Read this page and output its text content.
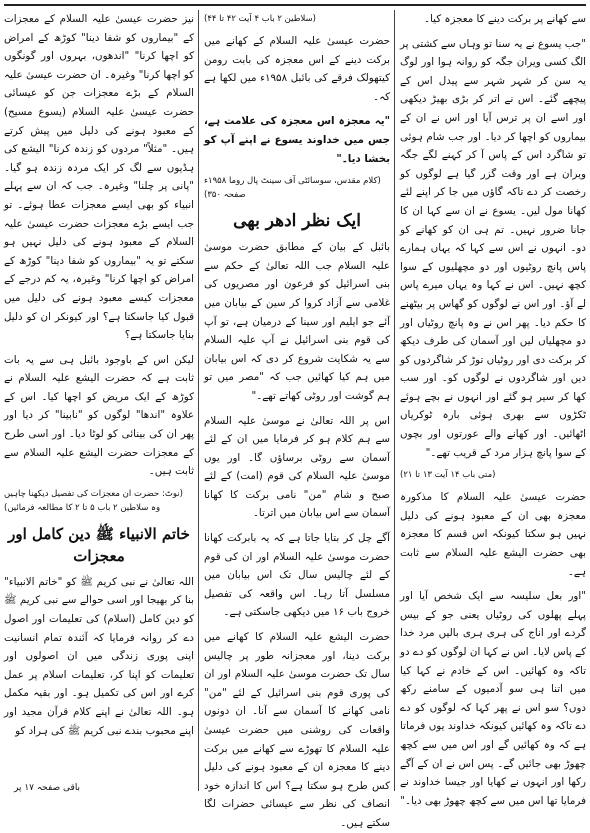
سے کھانے پر برکت دینے کا معجزہ کیا۔

"جب یسوع نے یہ سنا تو وہاں سے کشتی پر الگ کسی ویران جگہ کو روانہ ہوا اور لوگ یہ سن کر شہر شہر سے پیدل اس کے پیچھے گئے۔ اس نے اتر کر بڑی بھیڑ دیکھی اور اسے ان پر ترس آیا اور اس نے ان کے بیماروں کو اچھا کر دیا۔ اور جب شام ہوئی تو شاگرد اس کے پاس آ کر کہنے لگے جگہ ویران ہے اور وقت گزر گیا ہے لوگوں کو رخصت کر دے تاکہ گاؤں میں جا کر اپنے لئے کھانا مول لیں۔ یسوع نے ان سے کہا ان کا جانا ضرور نہیں۔ تم ہی ان کو کھانے کو دو۔ انہوں نے اس سے کہا کہ یہاں ہمارے پاس پانچ روٹیوں اور دو مچھلیوں کے سوا کچھ نہیں۔ اس نے کہا وہ یہاں میرے پاس لے آؤ۔ اور اس نے لوگوں کو گھاس پر بیٹھنے کا حکم دیا۔ پھر اس نے وہ پانچ روٹیاں اور دو مچھلیاں لیں اور آسمان کی طرف دیکھ کر برکت دی اور روٹیاں توڑ کر شاگردوں کو دیں اور شاگردوں نے لوگوں کو۔ اور سب کھا کر سیر ہو گئے اور انہوں نے بچے ہوئے ٹکڑوں سے بھری ہوئی بارہ ٹوکریاں اٹھائیں۔ اور کھانے والے عورتوں اور بچوں کے سوا پانچ ہزار مرد کے قریب تھے۔"

(متی باب ۱۴ آیت ۱۳ تا ۲۱)

حضرت عیسیٰ علیہ السلام کا مذکورہ معجزہ بھی ان کے معبود ہونے کی دلیل نہیں ہو سکتا کیونکہ اس قسم کا معجزہ بھی حضرت الیشع علیہ السلام سے ثابت ہے۔

"اور بعل سلیسہ سے ایک شخص آیا اور پہلے پھلوں کی روٹیاں یعنی جو کے بیس گردے اور اناج کی ہری ہری بالیں مرد خدا کے پاس لایا۔ اس نے کہا ان لوگوں کو دے دو تاکہ وہ کھائیں۔ اس کے خادم نے کہا کیا میں اتنا ہی سو آدمیوں کے سامنے رکھ دوں؟ سو اس نے پھر کہا کہ لوگوں کو دے دے تاکہ وہ کھائیں کیونکہ خداوند یوں فرماتا ہے کہ وہ کھائیں گے اور اس میں سے کچھ چھوڑ بھی جائیں گے۔ پس اس نے ان کے آگے رکھا اور انہوں نے کھایا اور جیسا خداوند نے فرمایا تھا اس میں سے کچھ چھوڑ بھی دیا۔"

(سلاطین ۲ باب ۴ آیت ۴۲ تا ۴۴)

حضرت عیسیٰ علیہ السلام کے کھانے میں برکت دینے کے اس معجزہ کی بابت رومن کیتھولک فرقے کی بائبل ۱۹۵۸ء میں لکھا ہے کہ۔

"یہ معجزہ اس معجزہ کی علامت ہے، جس میں خداوند یسوع نے اپنے آپ کو بخشا دیا۔"

(کلام مقدس، سوسائٹی آف سینٹ پال روما ۱۹۵۸ء صفحہ ۳۵۰)
ایک نظر ادھر بھی

بائبل کے بیان کے مطابق حضرت موسیٰ علیہ السلام جب اللہ تعالیٰ کے حکم سے بنی اسرائیل کو فرعون اور مصریوں کی غلامی سے آزاد کروا کر سین کے بیابان میں آئے جو ایلیم اور سینا کے درمیان ہے، تو آپ کی قوم بنی اسرائیل نے آپ علیہ السلام سے یہ شکایت شروع کر دی کہ اس بیابان میں ہم کیا کھائیں جب کہ "مصر میں تو ہم گوشت اور روٹی کھاتے تھے۔"

اس پر اللہ تعالیٰ نے موسیٰ علیہ السلام سے ہم کلام ہو کر فرمایا میں ان کے لئے آسمان سے روٹی برساؤں گا۔ اور یوں موسیٰ علیہ السلام کی قوم (امت) کے لئے صبح و شام "من" نامی برکت کا کھانا آسمان سے اس بیابان میں اترتا۔

آگے چل کر بتایا جاتا ہے کہ یہ بابرکت کھانا حضرت موسیٰ علیہ السلام اور ان کی قوم کے لئے چالیس سال تک اس بیابان میں مسلسل آتا رہا۔ اس واقعہ کی تفصیل خروج باب ۱۶ میں دیکھی جاسکتی ہے۔

حضرت الیشع علیہ السلام کا کھانے میں برکت دینا، اور معجزانہ طور پر چالیس سال تک حضرت موسیٰ علیہ السلام اور ان کی پوری قوم بنی اسرائیل کے لئے "من" نامی کھانے کا آسمان سے آنا۔ ان دونوں واقعات کی روشنی میں حضرت عیسیٰ علیہ السلام کا تھوڑے سے کھانے میں برکت دینے کا معجزہ ان کے معبود ہونے کی دلیل کس طرح ہو سکتا ہے؟ اس کا اندازہ خود انصاف کی نظر سے عیسائی حضرات لگا سکتے ہیں۔

نیز حضرت عیسیٰ علیہ السلام کے معجزات کے "بیماروں کو شفا دینا" کوڑھ کے امراض کو اچھا کرنا" "اندھوں، بہروں اور گونگوں کو اچھا کرنا" وغیرہ۔ ان حضرت عیسیٰ علیہ السلام کے بڑے معجزات جن کو عیسائی حضرت عیسیٰ علیہ السلام (یسوع مسیح) کے معبود ہونے کی دلیل میں پیش کرتے ہیں۔ "مثلاً" مردوں کو زندہ کرنا" اليشع كی ہڈیوں سے لگ کر ایک مردہ زندہ ہو گیا۔ "پانی پر چلنا" وغیرہ۔ جب کہ ان سے پہلے انبیاء کو بھی ایسے معجزات عطا ہوئے۔ تو جب ایسے بڑے معجزات حضرت عیسیٰ علیہ السلام کے معبود ہونے کی دلیل نہیں ہو سکتے تو یہ "بیماروں کو شفا دینا" کوڑھ کے امراض کو اچھا کرنا" وغیرہ، یہ کم درجے کے معجزات کیسے معبود ہونے کی دلیل میں قبول کیا جاسکتا ہے؟ اور کیونکر ان کو دلیل بنایا جاسکتا ہے؟

لیکن اس کے باوجود بائبل ہی سے یہ بات ثابت ہے کہ حضرت الیشع علیہ السلام نے کوڑھ کے ایک مریض کو اچھا کیا۔ اس کے علاوہ "اندھا" لوگوں کو "نابینا" کر دیا اور پھر ان کی بینائی کو لوٹا دیا۔ اور اسی طرح کے معجزات حضرت الیشع علیہ السلام سے ثابت ہیں۔

(نوٹ: حضرت ان معجزات کی تفصیل دیکھنا چاہیں وہ سلاطین ۲ باب ۵ تا ۲ کا مطالعہ فرمائیں)
خاتم الانبیاء ﷺ دین کامل اور معجزات

اللہ تعالیٰ نے نبی کریم ﷺ کو "خاتم الانبیاء" بنا کر بھیجا اور اسی حوالے سے نبی کریم ﷺ کو دین کامل (اسلام) کی تعلیمات اور اصول دے کر روانہ فرمایا کہ آئندہ تمام انسانیت اپنی پوری زندگی میں ان اصولوں اور تعلیمات کو اپنا کر، تعلیمات اسلام پر عمل کرے اور اس کی تکمیل ہو۔ اور بقیہ مکمل ہو۔ اللہ تعالیٰ نے اپنے کلام قرآن مجید اور اپنے محبوب بندے نبی کریم ﷺ کی ہراد کو

باقی صفحہ ۱۷ پر
